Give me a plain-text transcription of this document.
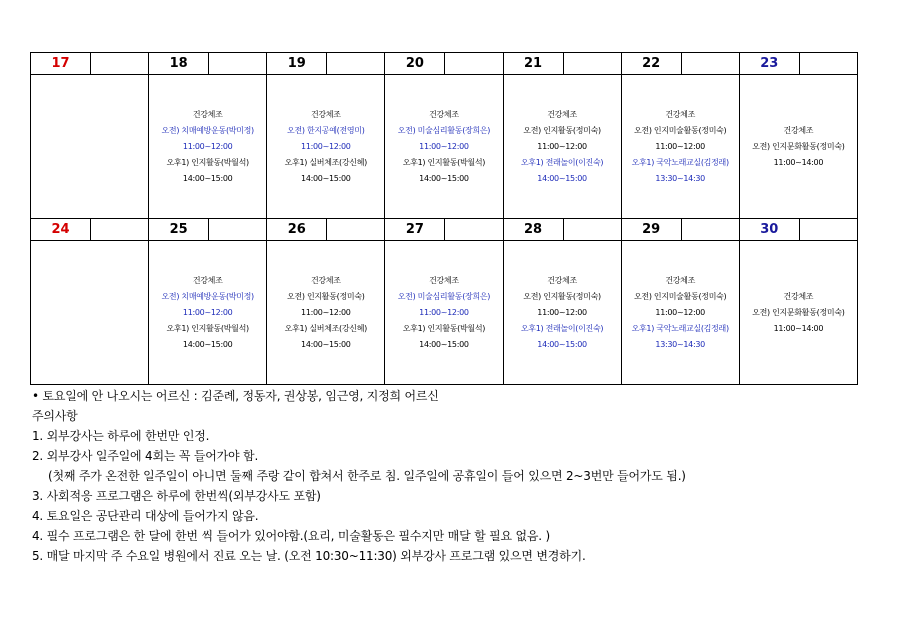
17		18		19		20		21		22		23	

		건강체조
오전) 치매예방운동(박미정)
11:00~12:00
오후1) 인지활동(박월석)
14:00~15:00		건강체조
오전) 한지공예(전영미)
11:00~12:00
오후1) 실버체조(강신혜)
14:00~15:00		건강체조
오전) 미술심리활동(장희은)
11:00~12:00
오후1) 인지활동(박월석)
14:00~15:00		건강체조
오전) 인지활동(정미숙)
11:00~12:00
오후1) 전래놀이(이진숙)
14:00~15:00		건강체조
오전) 인지미술활동(정미숙)
11:00~12:00
오후1) 국악노래교실(김정래)
13:30~14:30		건강체조
오전) 인지문화활동(정미숙)
11:00~14:00	

24		25		26		27		28		29		30	

		건강체조
오전) 치매예방운동(박미정)
11:00~12:00
오후1) 인지활동(박월석)
14:00~15:00		건강체조
오전) 인지활동(정미숙)
11:00~12:00
오후1) 실버체조(강신혜)
14:00~15:00		건강체조
오전) 미술심리활동(장희은)
11:00~12:00
오후1) 인지활동(박월석)
14:00~15:00		건강체조
오전) 인지활동(정미숙)
11:00~12:00
오후1) 전래놀이(이진숙)
14:00~15:00		건강체조
오전) 인지미술활동(정미숙)
11:00~12:00
오후1) 국악노래교실(김정래)
13:30~14:30		건강체조
오전) 인지문화활동(정미숙)
11:00~14:00	
• 토요일에 안 나오시는 어르신 : 김준례, 정동자, 권상봉, 임근영, 지정희 어르신
주의사항
1. 외부강사는 하루에 한번만 인정.
2. 외부강사 일주일에 4회는 꼭 들어가야 함.
(첫째 주가 온전한 일주일이 아니면 둘째 주랑 같이 합쳐서 한주로 침. 일주일에 공휴일이 들어 있으면 2~3번만 들어가도 됨.)
3. 사회적응 프로그램은 하루에 한번씩(외부강사도 포함)
4. 토요일은 공단관리 대상에 들어가지 않음.
4. 필수 프로그램은 한 달에 한번 씩 들어가 있어야함.(요리, 미술활동은 필수지만 매달 할 필요 없음. )
5. 매달 마지막 주 수요일 병원에서 진료 오는 날. (오전 10:30~11:30) 외부강사 프로그램 있으면 변경하기.
